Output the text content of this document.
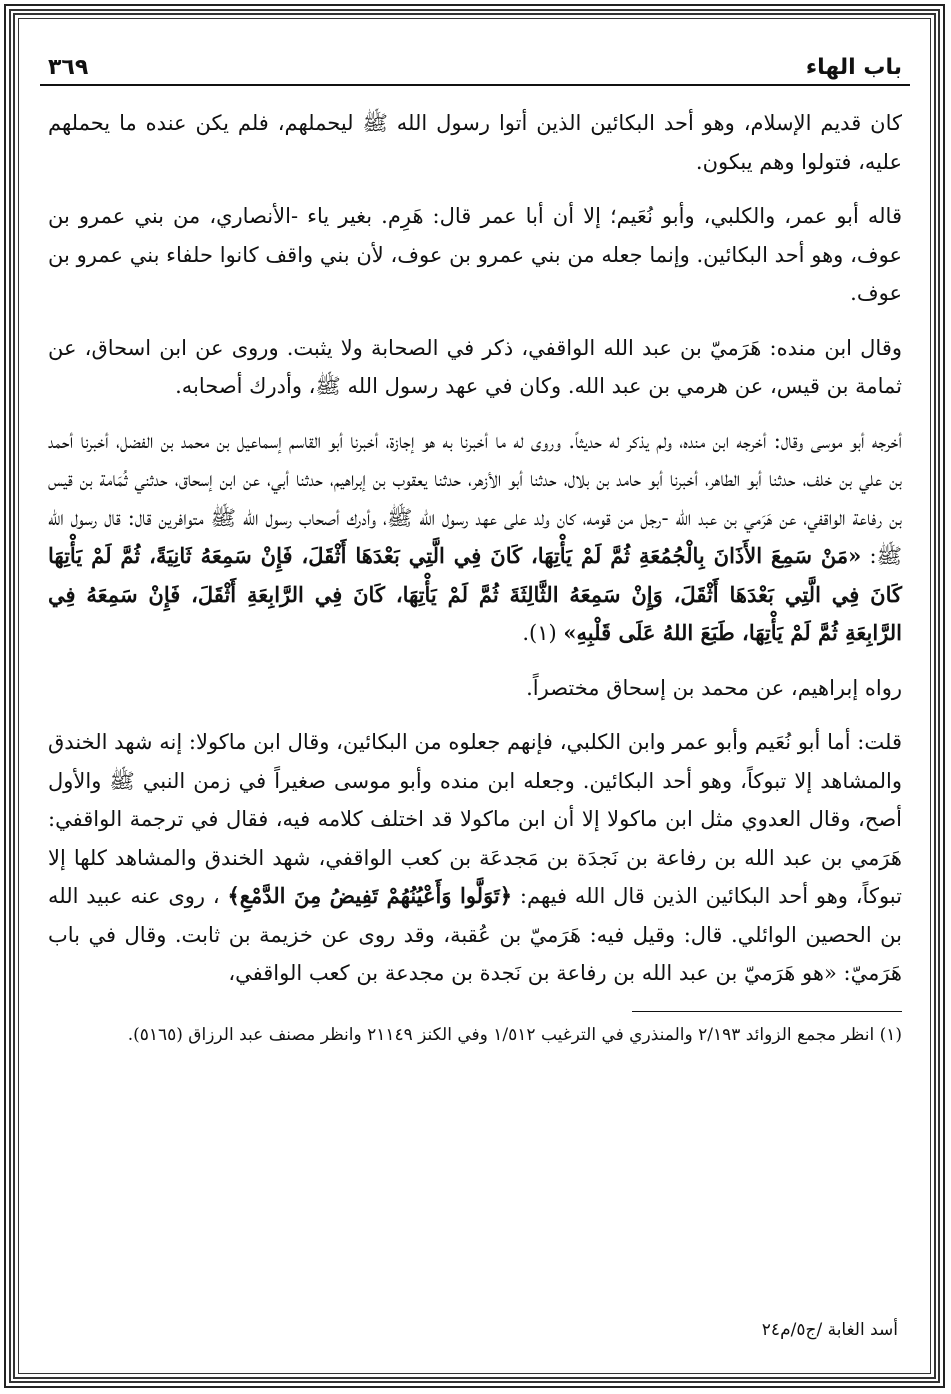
باب الهاء
٣٦٩

كان قديم الإسلام، وهو أحد البكائين الذين أتوا رسول الله ﷺ ليحملهم، فلم يكن عنده ما يحملهم عليه، فتولوا وهم يبكون.

قاله أبو عمر، والكلبي، وأبو نُعَيم؛ إلا أن أبا عمر قال: هَرِم. بغير ياء -الأنصاري، من بني عمرو بن عوف، وهو أحد البكائين. وإنما جعله من بني عمرو بن عوف، لأن بني واقف كانوا حلفاء بني عمرو بن عوف.

وقال ابن منده: هَرَميّ بن عبد الله الواقفي، ذكر في الصحابة ولا يثبت. وروى عن ابن اسحاق، عن ثمامة بن قيس، عن هرمي بن عبد الله. وكان في عهد رسول الله ﷺ، وأدرك أصحابه.

أخرجه أبو موسى وقال: أخرجه ابن منده، ولم يذكر له حديثاً. وروى له ما أخبرنا به هو إجازة، أخبرنا أبو القاسم إسماعيل بن محمد بن الفضل، أخبرنا أحمد بن علي بن خلف، حدثنا أبو الطاهر، أخبرنا أبو حامد بن بلال، حدثنا أبو الأزهر، حدثنا يعقوب بن إبراهيم، حدثنا أبي، عن ابن إسحاق، حدثني ثُمَامة بن قيس بن رفاعة الواقفي، عن هَرَمي بن عبد الله -رجل من قومه، كان ولد على عهد رسول الله ﷺ، وأدرك أصحاب رسول الله ﷺ متوافرين قال: قال رسول الله ﷺ: «مَنْ سَمِعَ الأَذَانَ بِالْجُمُعَةِ ثُمَّ لَمْ يَأْتِهَا، كَانَ فِي الَّتِي بَعْدَهَا أَثْقَلَ، فَإِنْ سَمِعَهُ ثَانِيَةً، ثُمَّ لَمْ يَأْتِهَا كَانَ فِي الَّتِي بَعْدَهَا أَثْقَلَ، وَإِنْ سَمِعَهُ الثَّالِثَةَ ثُمَّ لَمْ يَأْتِهَا، كَانَ فِي الرَّابِعَةِ أَثْقَلَ، فَإِنْ سَمِعَهُ فِي الرَّابِعَةِ ثُمَّ لَمْ يَأْتِهَا، طَبَعَ اللهُ عَلَى قَلْبِهِ» (١).

رواه إبراهيم، عن محمد بن إسحاق مختصراً.

قلت: أما أبو نُعَيم وأبو عمر وابن الكلبي، فإنهم جعلوه من البكائين، وقال ابن ماكولا: إنه شهد الخندق والمشاهد إلا تبوكاً، وهو أحد البكائين. وجعله ابن منده وأبو موسى صغيراً في زمن النبي ﷺ والأول أصح، وقال العدوي مثل ابن ماكولا إلا أن ابن ماكولا قد اختلف كلامه فيه، فقال في ترجمة الواقفي: هَرَمي بن عبد الله بن رفاعة بن نَجدَة بن مَجدعَة بن كعب الواقفي، شهد الخندق والمشاهد كلها إلا تبوكاً، وهو أحد البكائين الذين قال الله فيهم: ﴿تَوَلَّوا وَأَعْيُنُهُمْ تَفِيضُ مِنَ الدَّمْعِ﴾ ، روى عنه عبيد الله بن الحصين الوائلي. قال: وقيل فيه: هَرَميّ بن عُقبة، وقد روى عن خزيمة بن ثابت. وقال في باب هَرَميّ: «هو هَرَميّ بن عبد الله بن رفاعة بن نَجدة بن مجدعة بن كعب الواقفي،

(١) انظر مجمع الزوائد ٢/١٩٣ والمنذري في الترغيب ١/٥١٢ وفي الكنز ٢١١٤٩ وانظر مصنف عبد الرزاق (٥١٦٥).

أسد الغابة /ج٥/م٢٤
